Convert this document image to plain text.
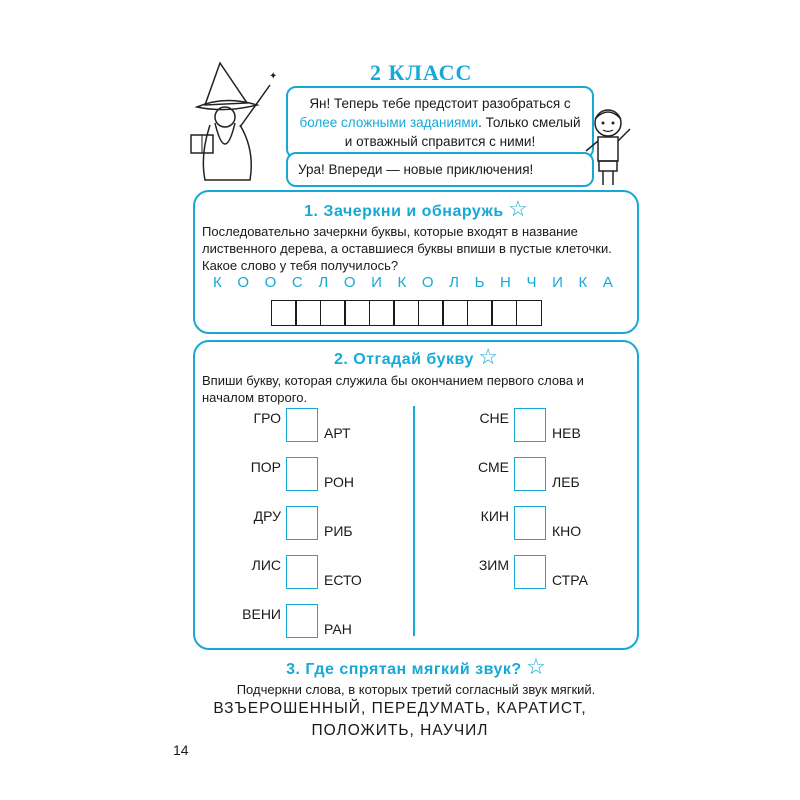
✦	2 КЛАСС
Ян! Теперь тебе предстоит разобраться с более сложными заданиями. Только смелый и отважный справится с ними!
Ура! Впереди — новые приключения!
1. Зачеркни и обнаружь ☆
Последовательно зачеркни буквы, которые входят в название лиственного дерева, а оставшиеся буквы впиши в пустые клеточки. Какое слово у тебя получилось?
К О О С Л О И К О Л Ь Н Ч И К А
2. Отгадай букву ☆
Впиши букву, которая служила бы окончанием первого слова и началом второго.
ГРО
АРТ
ПОР
РОН
ДРУ
РИБ
ЛИС
ЕСТО
ВЕНИ
РАН
СНЕ
НЕВ
СМЕ
ЛЕБ
КИН
КНО
ЗИМ
СТРА
3. Где спрятан мягкий звук? ☆
Подчеркни слова, в которых третий согласный звук мягкий.
ВЗЪЕРОШЕННЫЙ, ПЕРЕДУМАТЬ, КАРАТИСТ,
ПОЛОЖИТЬ, НАУЧИЛ
14
